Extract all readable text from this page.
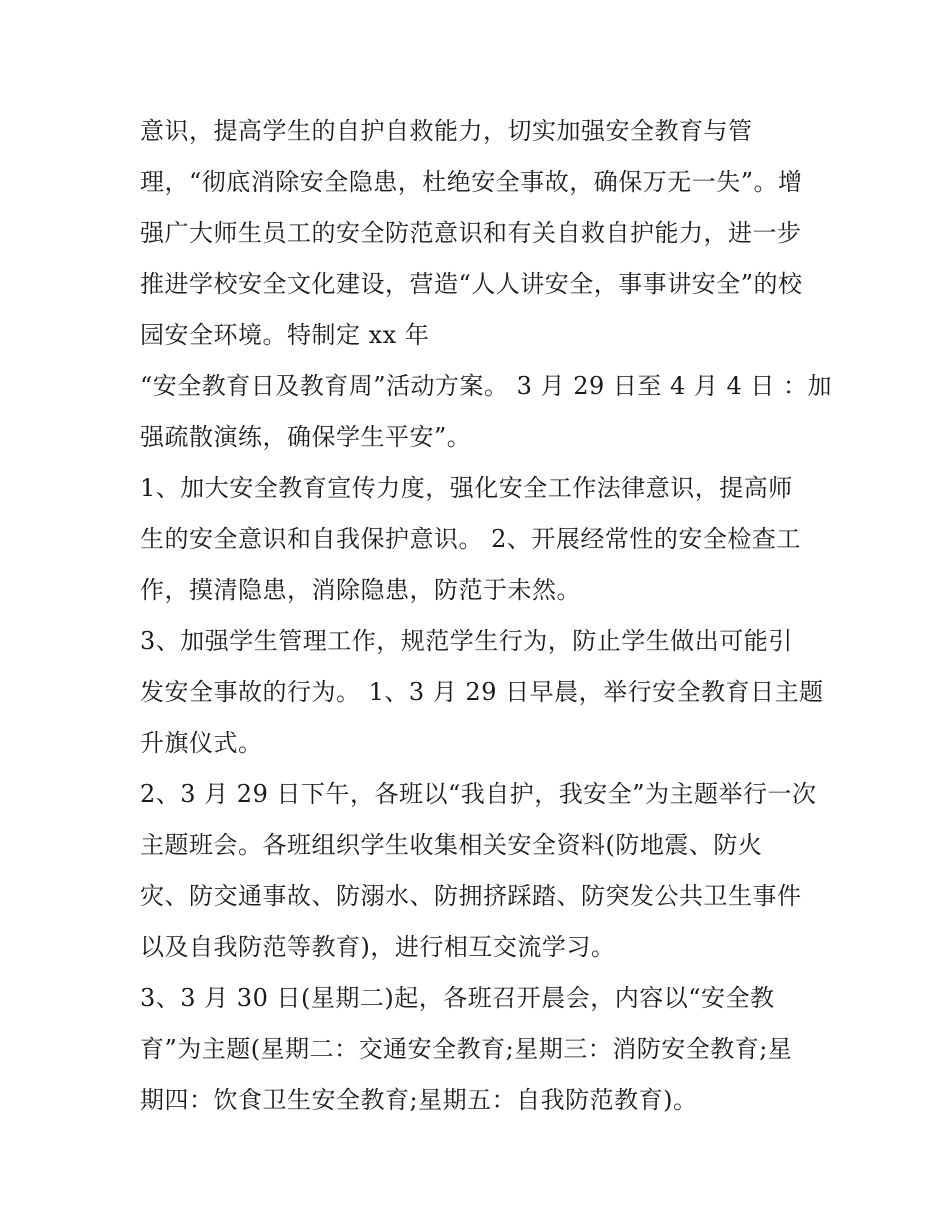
意识，提高学生的自护自救能力，切实加强安全教育与管
理，“彻底消除安全隐患，杜绝安全事故，确保万无一失”。增
强广大师生员工的安全防范意识和有关自救自护能力，进一步
推进学校安全文化建设，营造“人人讲安全，事事讲安全”的校
园安全环境。特制定 xx 年
“安全教育日及教育周”活动方案。 3 月 29 日至 4 月 4 日 ：加
强疏散演练，确保学生平安”。
1、加大安全教育宣传力度，强化安全工作法律意识，提高师
生的安全意识和自我保护意识。 2、开展经常性的安全检查工
作，摸清隐患，消除隐患，防范于未然。
3、加强学生管理工作，规范学生行为，防止学生做出可能引
发安全事故的行为。 1、3 月 29 日早晨，举行安全教育日主题
升旗仪式。
2、3 月 29 日下午，各班以“我自护，我安全”为主题举行一次
主题班会。各班组织学生收集相关安全资料(防地震、防火
灾、防交通事故、防溺水、防拥挤踩踏、防突发公共卫生事件
以及自我防范等教育)，进行相互交流学习。
3、3 月 30 日(星期二)起，各班召开晨会，内容以“安全教
育”为主题(星期二：交通安全教育;星期三：消防安全教育;星
期四：饮食卫生安全教育;星期五：自我防范教育)。
